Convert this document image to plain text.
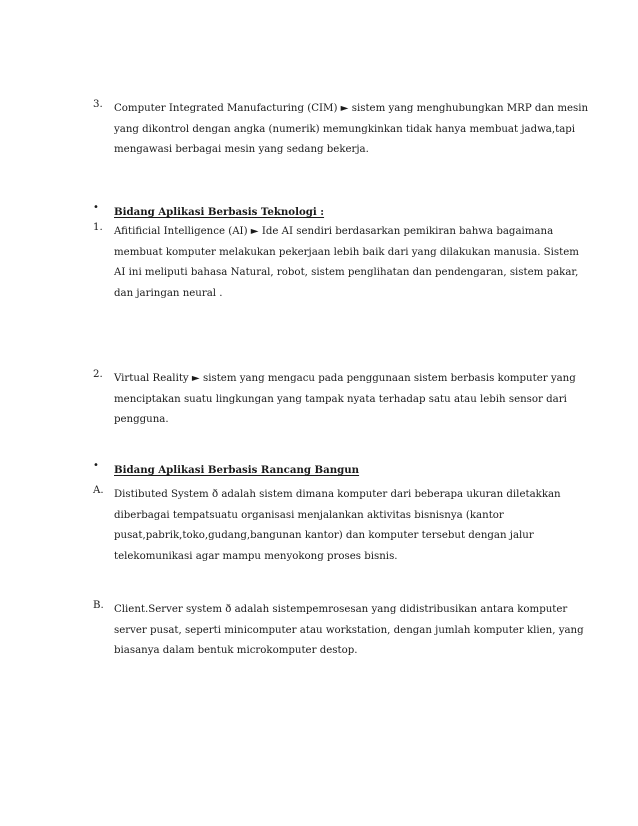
3.	Computer Integrated Manufacturing (CIM) ► sistem yang menghubungkan MRP dan mesin
yang dikontrol dengan angka (numerik) memungkinkan tidak hanya membuat jadwa,tapi
mengawasi berbagai mesin yang sedang bekerja.
•	Bidang Aplikasi Berbasis Teknologi :
1.	Afitificial Intelligence (AI) ► Ide AI sendiri berdasarkan pemikiran bahwa bagaimana
membuat komputer melakukan pekerjaan lebih baik dari yang dilakukan manusia. Sistem
AI ini meliputi bahasa Natural, robot, sistem penglihatan dan pendengaran, sistem pakar,
dan jaringan neural .
2.	Virtual Reality ► sistem yang mengacu pada penggunaan sistem berbasis komputer yang
menciptakan suatu lingkungan yang tampak nyata terhadap satu atau lebih sensor dari
pengguna.
•	Bidang Aplikasi Berbasis Rancang Bangun
A.	Distibuted System ð adalah sistem dimana komputer dari beberapa ukuran diletakkan
diberbagai tempatsuatu organisasi menjalankan aktivitas bisnisnya (kantor
pusat,pabrik,toko,gudang,bangunan kantor) dan komputer tersebut dengan jalur
telekomunikasi agar mampu menyokong proses bisnis.
B.	Client.Server system ð adalah sistempemrosesan yang didistribusikan antara komputer
server pusat, seperti minicomputer atau workstation, dengan jumlah komputer klien, yang
biasanya dalam bentuk microkomputer destop.
